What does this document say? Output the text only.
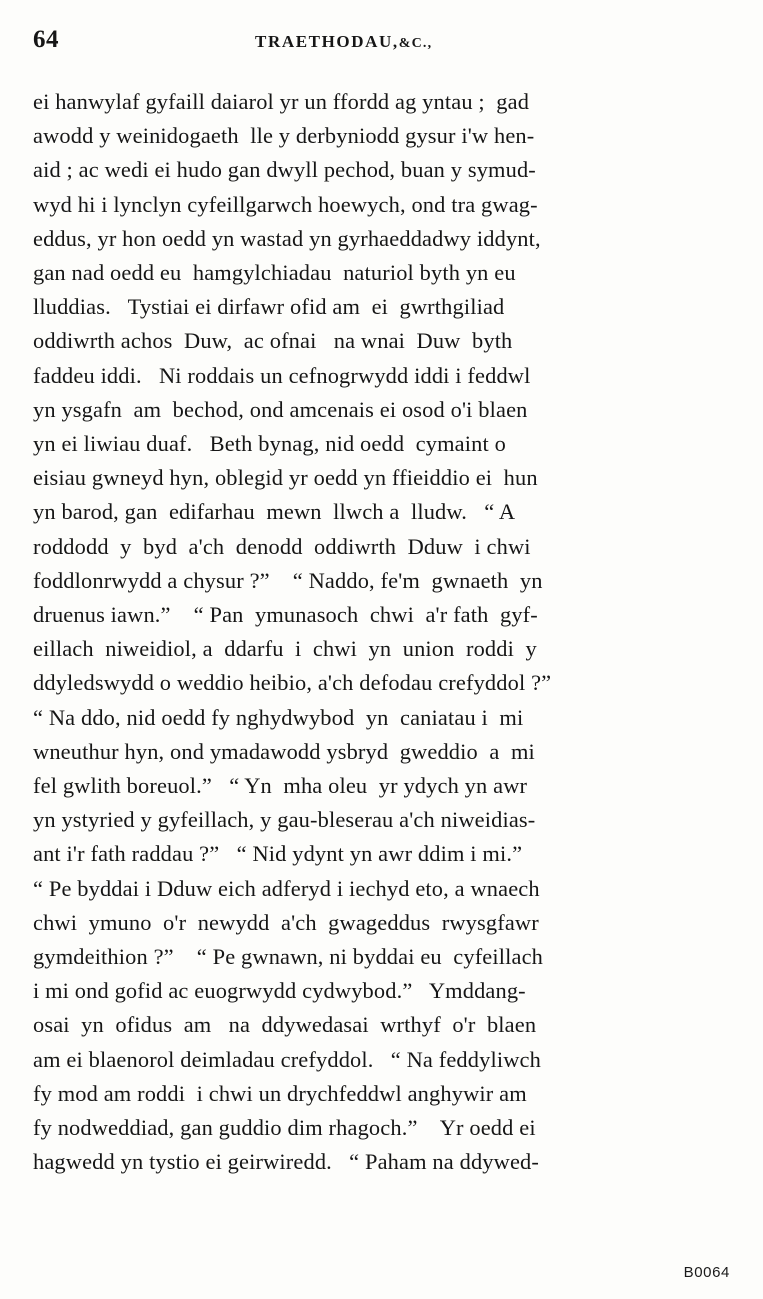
64	TRAETHODAU,&C.,
ei hanwylaf gyfaill daiarol yr un ffordd ag yntau ;  gad
awodd y weinidogaeth  lle y derbyniodd gysur i'w hen-
aid ; ac wedi ei hudo gan dwyll pechod, buan y symud-
wyd hi i lynclyn cyfeillgarwch hoewych, ond tra gwag-
eddus, yr hon oedd yn wastad yn gyrhaeddadwy iddynt,
gan nad oedd eu  hamgylchiadau  naturiol byth yn eu
lluddias.   Tystiai ei dirfawr ofid am  ei  gwrthgiliad
oddiwrth achos  Duw,  ac ofnai   na wnai  Duw  byth
faddeu iddi.   Ni roddais un cefnogrwydd iddi i feddwl
yn ysgafn  am  bechod, ond amcenais ei osod o'i blaen
yn ei liwiau duaf.   Beth bynag, nid oedd  cymaint o
eisiau gwneyd hyn, oblegid yr oedd yn ffieiddio ei  hun
yn barod, gan  edifarhau  mewn  llwch a  lludw.   “ A
roddodd  y  byd  a'ch  denodd  oddiwrth  Dduw  i chwi
foddlonrwydd a chysur ?”    “ Naddo, fe'm  gwnaeth  yn
druenus iawn.”    “ Pan  ymunasoch  chwi  a'r fath  gyf-
eillach  niweidiol, a  ddarfu  i  chwi  yn  union  roddi  y
ddyledswydd o weddio heibio, a'ch defodau crefyddol ?”
“ Na ddo, nid oedd fy nghydwybod  yn  caniatau i  mi
wneuthur hyn, ond ymadawodd ysbryd  gweddio  a  mi
fel gwlith boreuol.”   “ Yn  mha oleu  yr ydych yn awr
yn ystyried y gyfeillach, y gau-bleserau a'ch niweidias-
ant i'r fath raddau ?”   “ Nid ydynt yn awr ddim i mi.”
“ Pe byddai i Dduw eich adferyd i iechyd eto, a wnaech
chwi  ymuno  o'r  newydd  a'ch  gwageddus  rwysgfawr
gymdeithion ?”    “ Pe gwnawn, ni byddai eu  cyfeillach
i mi ond gofid ac euogrwydd cydwybod.”   Ymddang-
osai  yn  ofidus  am   na  ddywedasai  wrthyf  o'r  blaen
am ei blaenorol deimladau crefyddol.   “ Na feddyliwch
fy mod am roddi  i chwi un drychfeddwl anghywir am
fy nodweddiad, gan guddio dim rhagoch.”    Yr oedd ei
hagwedd yn tystio ei geirwiredd.   “ Paham na ddywed-
B0064
